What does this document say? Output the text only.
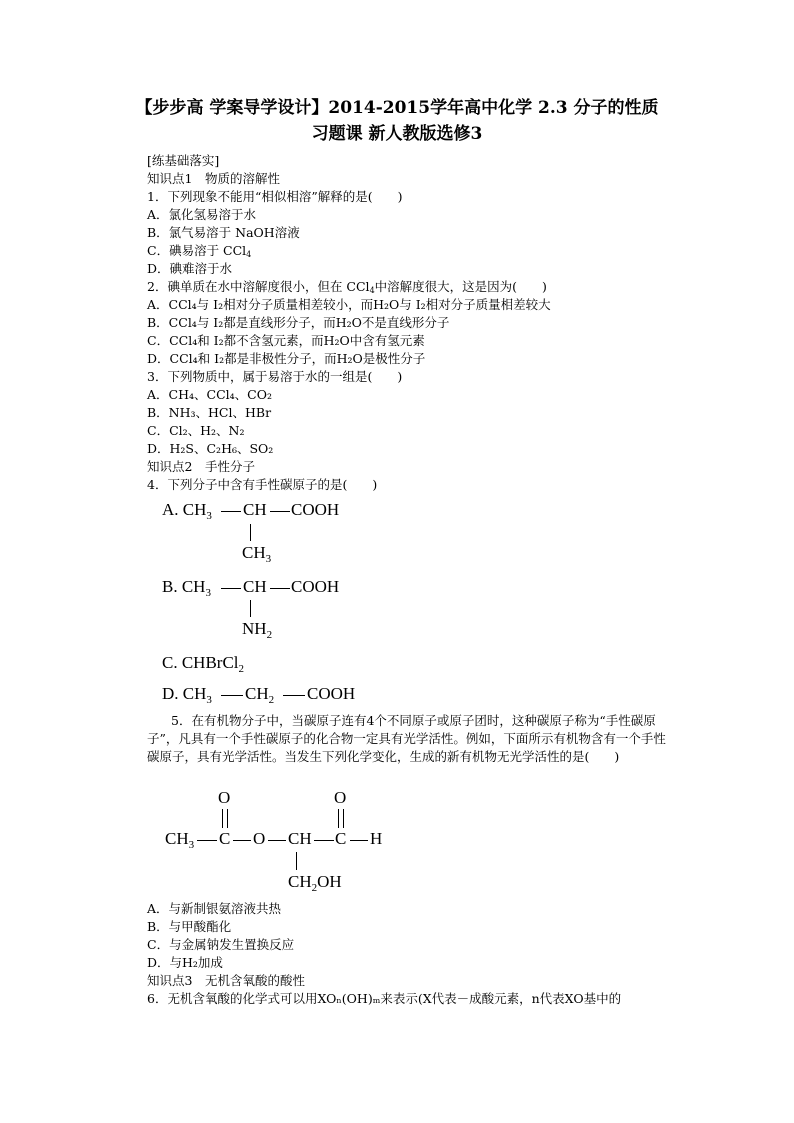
【步步高 学案导学设计】2014-2015学年高中化学 2.3 分子的性质
习题课 新人教版选修3
[练基础落实]
知识点1　物质的溶解性
1．下列现象不能用“相似相溶”解释的是(　　)
A．氯化氢易溶于水
B．氯气易溶于 NaOH溶液
C．碘易溶于 CCl$_4$
D．碘难溶于水
2．碘单质在水中溶解度很小，但在 CCl$_4$中溶解度很大，这是因为(　　)
A．CCl₄与 I₂相对分子质量相差较小，而H₂O与 I₂相对分子质量相差较大
B．CCl₄与 I₂都是直线形分子，而H₂O不是直线形分子
C．CCl₄和 I₂都不含氢元素，而H₂O中含有氢元素
D．CCl₄和 I₂都是非极性分子，而H₂O是极性分子
3．下列物质中，属于易溶于水的一组是(　　)
A．CH₄、CCl₄、CO₂
B．NH₃、HCl、HBr
C．Cl₂、H₂、N₂
D．H₂S、C₂H₆、SO₂
知识点2　手性分子
4．下列分子中含有手性碳原子的是(　　)
A. $CH_3$ CH COOH
$CH_3$
B. $CH_3$ CH COOH
$NH_2$
C. CHBrCl$_2$
D. $CH_3$ $CH_2$ COOH
5．在有机物分子中，当碳原子连有4个不同原子或原子团时，这种碳原子称为“手性碳原子”，凡具有一个手性碳原子的化合物一定具有光学活性。例如，下面所示有机物含有一个手性碳原子，具有光学活性。当发生下列化学变化，生成的新有机物无光学活性的是(　　)
O	O
$CH_3$ C O CH C H
$CH_2OH$
A．与新制银氨溶液共热
B．与甲酸酯化
C．与金属钠发生置换反应
D．与H₂加成
知识点3　无机含氧酸的酸性
6．无机含氧酸的化学式可以用XOₙ(OH)ₘ来表示(X代表－成酸元素，n代表XO基中的
